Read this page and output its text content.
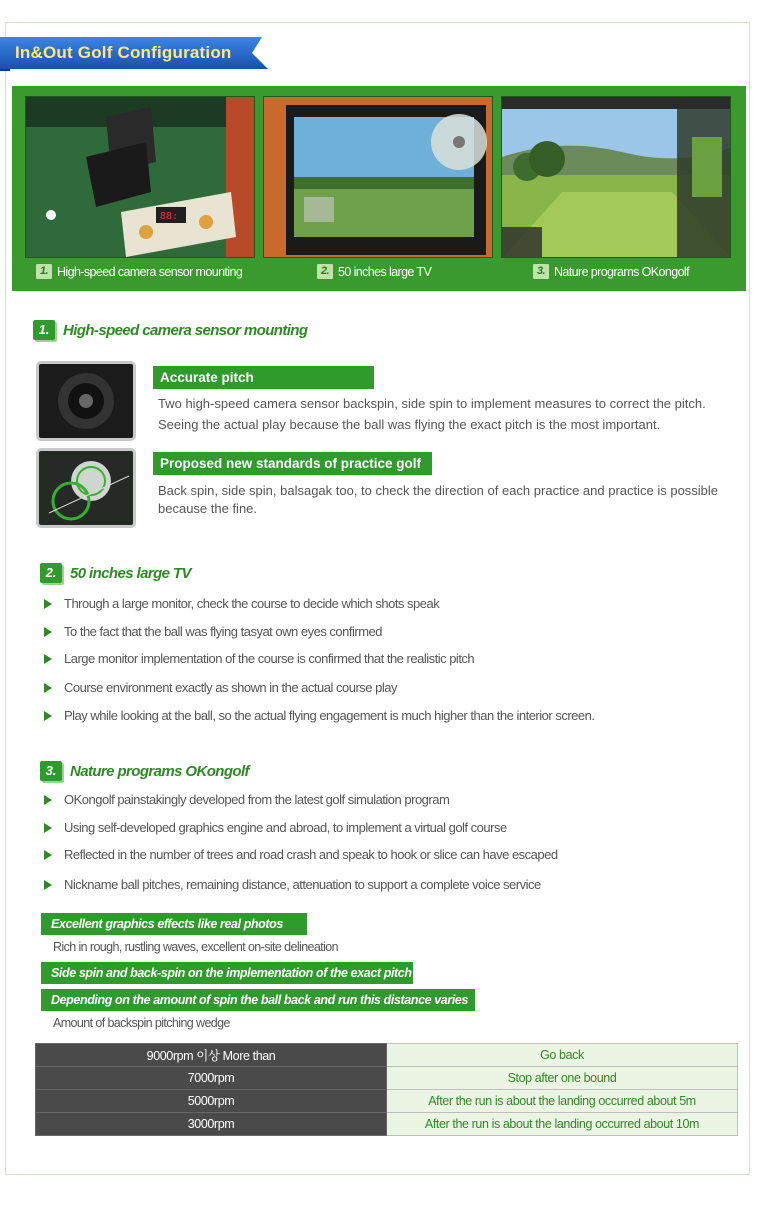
In&Out Golf Configuration
88:
1. High-speed camera sensor mounting	2. 50 inches large TV	3. Nature programs OKongolf
1. High-speed camera sensor mounting
Accurate pitch
Two high-speed camera sensor backspin, side spin to implement measures to correct the pitch.
Seeing the actual play because the ball was flying the exact pitch is the most important.
Proposed new standards of practice golf
Back spin, side spin, balsagak too, to check the direction of each practice and practice is possible
because the fine.
2. 50 inches large TV
Through a large monitor, check the course to decide which shots speak
To the fact that the ball was flying tasyat own eyes confirmed
Large monitor implementation of the course is confirmed that the realistic pitch
Course environment exactly as shown in the actual course play
Play while looking at the ball, so the actual flying engagement is much higher than the interior screen.
3. Nature programs OKongolf
OKongolf painstakingly developed from the latest golf simulation program
Using self-developed graphics engine and abroad, to implement a virtual golf course
Reflected in the number of trees and road crash and speak to hook or slice can have escaped
Nickname ball pitches, remaining distance, attenuation to support a complete voice service
Excellent graphics effects like real photos
Rich in rough, rustling waves, excellent on-site delineation
Side spin and back-spin on the implementation of the exact pitch
Depending on the amount of spin the ball back and run this distance varies
Amount of backspin pitching wedge
9000rpm 이상 More than	Go back
7000rpm	Stop after one bound
5000rpm	After the run is about the landing occurred about 5m
3000rpm	After the run is about the landing occurred about 10m
